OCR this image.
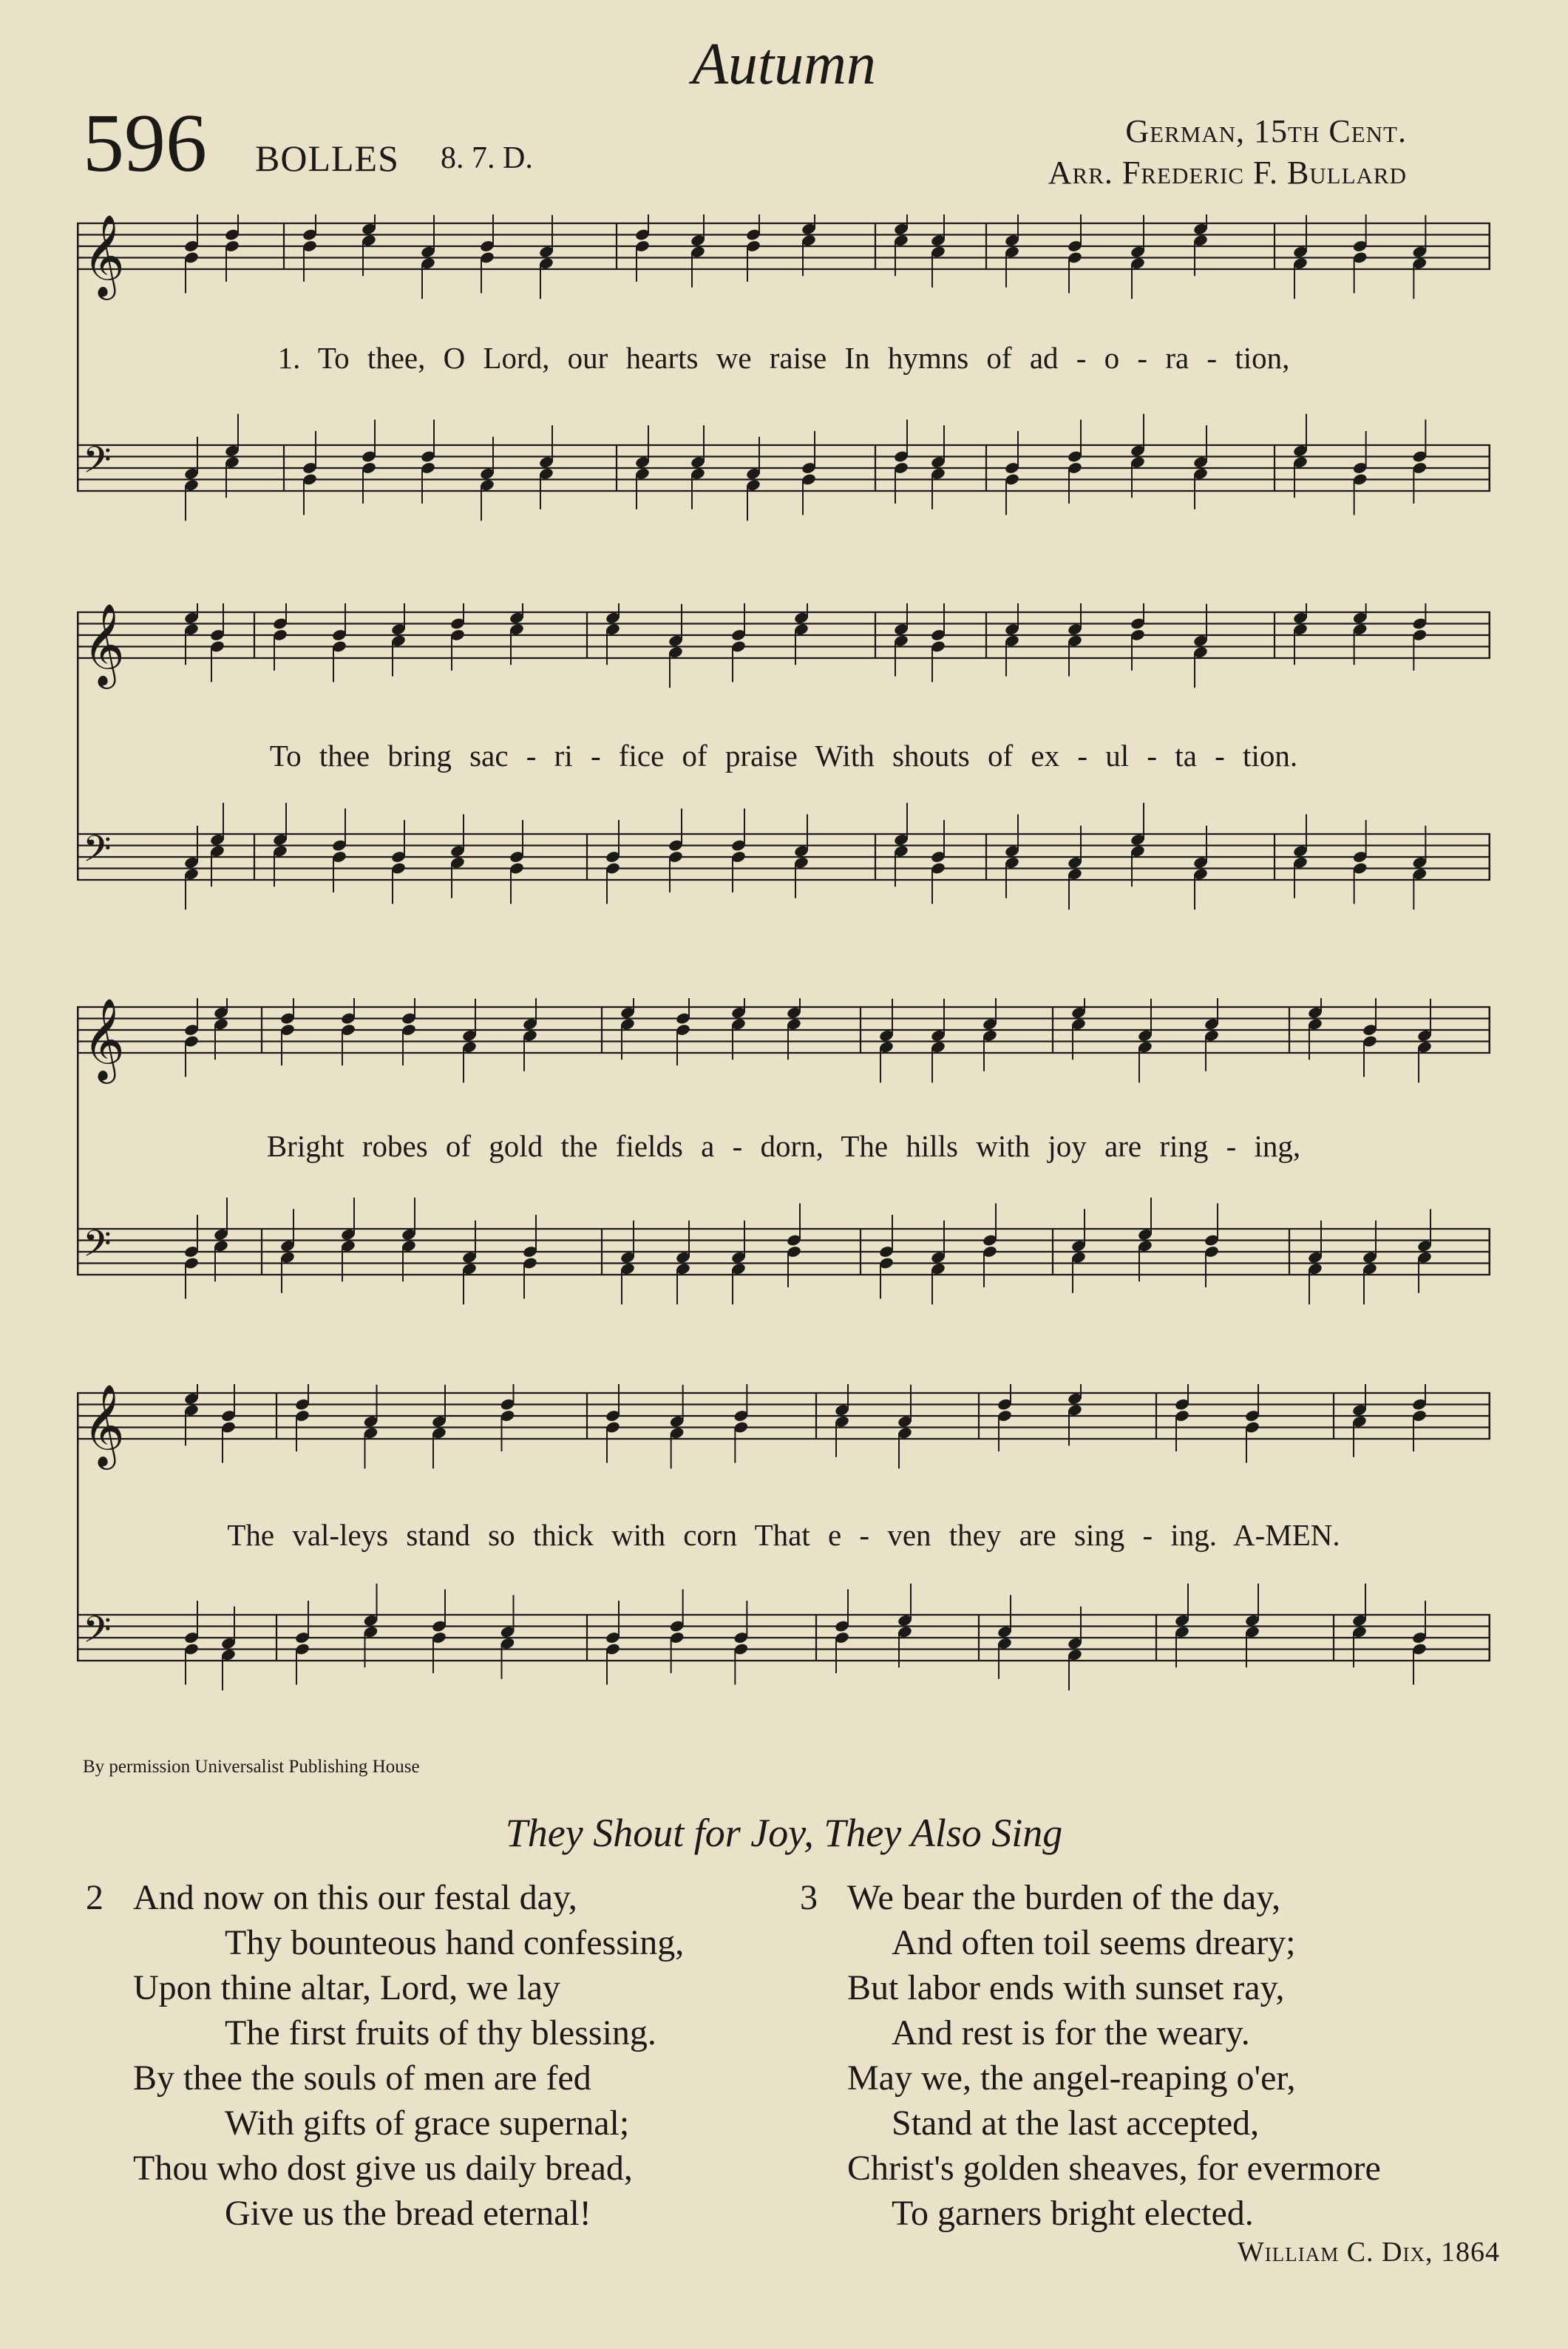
Autumn
596 BOLLES 8. 7. D.
German, 15th Cent.
Arr. Frederic F. Bullard
𝄞
𝄢
1. To thee, O Lord, our hearts we raise In hymns of ad - o - ra - tion,
𝄞
𝄢
To thee bring sac - ri - fice of praise With shouts of ex - ul - ta - tion.
𝄞
𝄢
Bright robes of gold the fields a - dorn, The hills with joy are ring - ing,
𝄞
𝄢
The val-leys stand so thick with corn That e - ven they are sing - ing. A-MEN.
By permission Universalist Publishing House
They Shout for Joy, They Also Sing
2 And now on this our festal day,
Thy bounteous hand confessing,
Upon thine altar, Lord, we lay
The first fruits of thy blessing.
By thee the souls of men are fed
With gifts of grace supernal;
Thou who dost give us daily bread,
Give us the bread eternal!
3 We bear the burden of the day,
And often toil seems dreary;
But labor ends with sunset ray,
And rest is for the weary.
May we, the angel-reaping o'er,
Stand at the last accepted,
Christ's golden sheaves, for evermore
To garners bright elected.
William C. Dix, 1864
